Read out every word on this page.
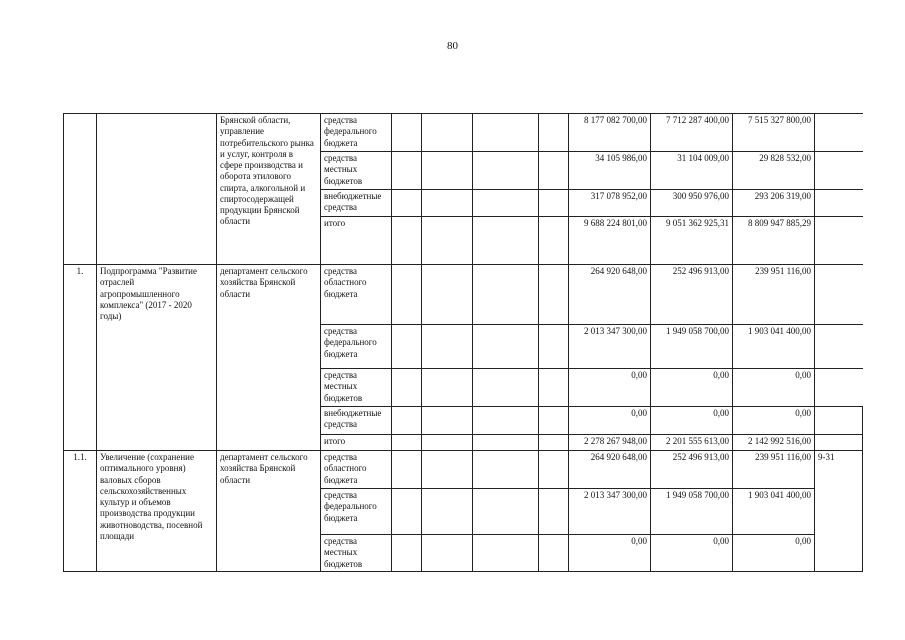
80
		Брянской области, управление потребительского рынка и услуг, контроля в сфере производства и оборота этилового спирта, алкогольной и спиртосодержащей продукции Брянской области	средства федерального бюджета					8 177 082 700,00	7 712 287 400,00	7 515 327 800,00	
			средства местных бюджетов					34 105 986,00	31 104 009,00	29 828 532,00	
			внебюджетные средства					317 078 952,00	300 950 976,00	293 206 319,00	
			итого					9 688 224 801,00	9 051 362 925,31	8 809 947 885,29	
1.	Подпрограмма "Развитие отраслей агропромышленного комплекса" (2017 - 2020 годы)	департамент сельского хозяйства Брянской области	средства областного бюджета					264 920 648,00	252 496 913,00	239 951 116,00	
			средства федерального бюджета					2 013 347 300,00	1 949 058 700,00	1 903 041 400,00	
			средства местных бюджетов					0,00	0,00	0,00	
			внебюджетные средства					0,00	0,00	0,00	
			итого					2 278 267 948,00	2 201 555 613,00	2 142 992 516,00	
1.1.	Увеличение (сохранение оптимального уровня) валовых сборов сельскохозяйственных культур и объемов производства продукции животноводства, посевной площади	департамент сельского хозяйства Брянской области	средства областного бюджета					264 920 648,00	252 496 913,00	239 951 116,00	9-31
			средства федерального бюджета					2 013 347 300,00	1 949 058 700,00	1 903 041 400,00	
			средства местных бюджетов					0,00	0,00	0,00	
